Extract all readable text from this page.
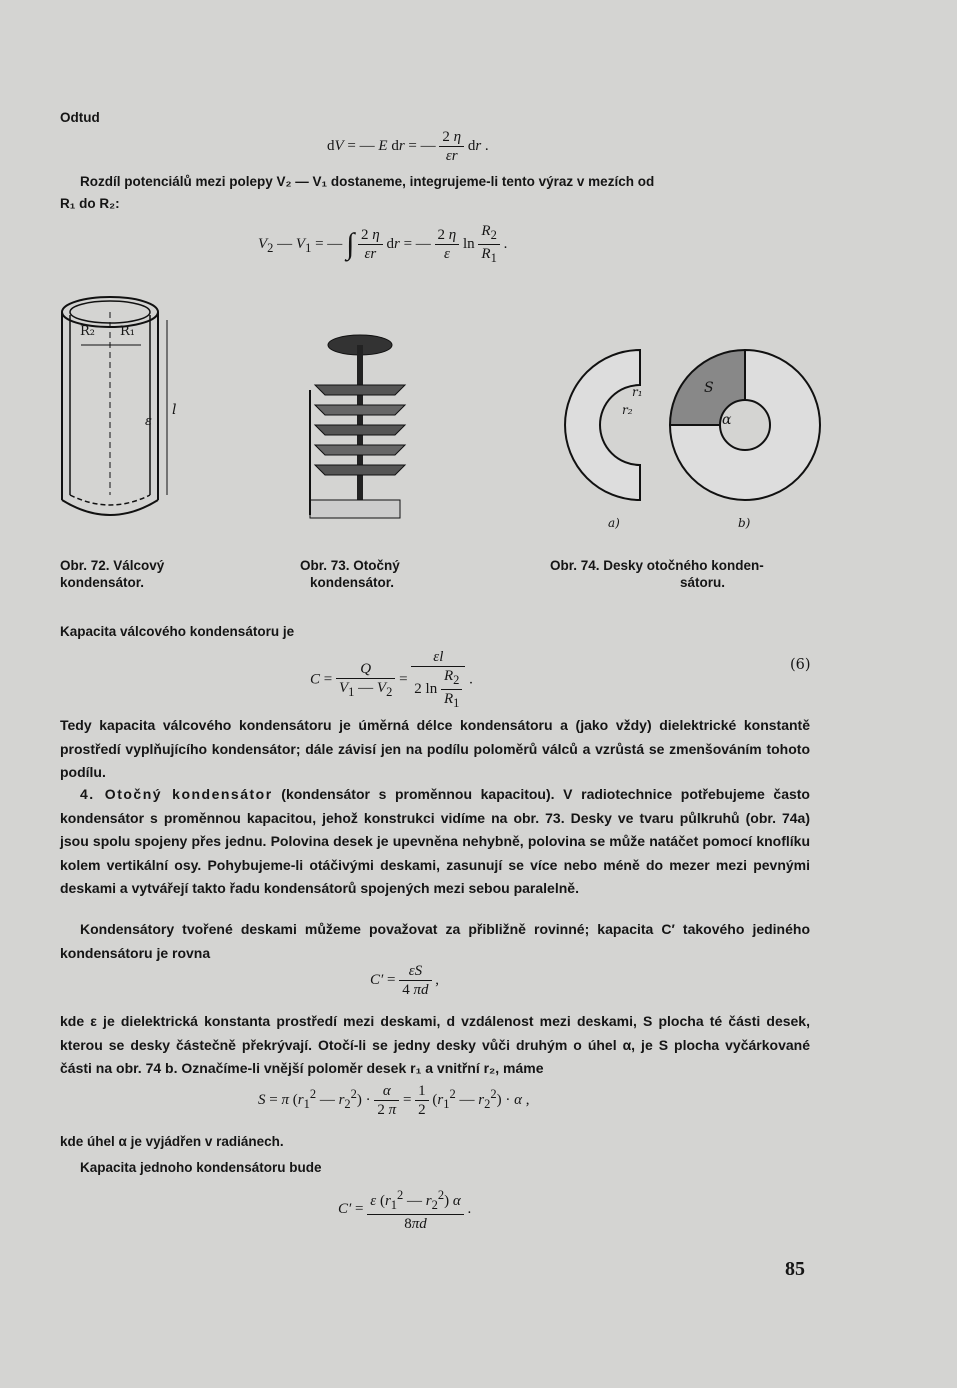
Odtud
dV = — E dr = — $\frac{2 \eta}{\varepsilon r}$ dr .
Rozdíl potenciálů mezi polepy V₂ — V₁ dostaneme, integrujeme-li tento výraz v mezích od
R₁ do R₂:
$V_2$ — $V_1$ = — ∫ $\frac{2 \eta}{\varepsilon r}$ dr = — $\frac{2 \eta}{\varepsilon}$ $\ln \frac{R_2}{R_1}$ .
R₂ R₁
l
ε
S
α
r₁
r₂
a)	b)
Obr. 72. Válcový
kondensátor.
Obr. 73. Otočný
kondensátor.
Obr. 74. Desky otočného konden-
sátoru.
Kapacita válcového kondensátoru je
$C = \frac{Q}{V_1 — V_2} = \frac{\varepsilon l}{2 \ln \frac{R_2}{R_1}}$ .
(6)
Tedy kapacita válcového kondensátoru je úměrná délce kondensátoru a (jako vždy) dielektrické konstantě prostředí vyplňujícího kondensátor; dále závisí jen na podílu poloměrů válců a vzrůstá se zmenšováním tohoto podílu.
4. Otočný kondensátor (kondensátor s proměnnou kapacitou). V radiotechnice potřebujeme často kondensátor s proměnnou kapacitou, jehož konstrukci vidíme na obr. 73. Desky ve tvaru půlkruhů (obr. 74a) jsou spolu spojeny přes jednu. Polovina desek je upevněna nehybně, polovina se může natáčet pomocí knoflíku kolem vertikální osy. Pohybujeme-li otáčivými deskami, zasunují se více nebo méně do mezer mezi pevnými deskami a vytvářejí takto řadu kondensátorů spojených mezi sebou paralelně.
Kondensátory tvořené deskami můžeme považovat za přibližně rovinné; kapacita C′ takového jediného kondensátoru je rovna
$C' = \frac{\varepsilon S}{4 \pi d}$ ,
kde ε je dielektrická konstanta prostředí mezi deskami, d vzdálenost mezi deskami, S plocha té části desek, kterou se desky částečně překrývají. Otočí-li se jedny desky vůči druhým o úhel α, je S plocha vyčárkované části na obr. 74 b. Označíme-li vnější poloměr desek r₁ a vnitřní r₂, máme
S = π ($r_1^2$ — $r_2^2) \cdot \frac{\alpha}{2 \pi} = \frac{1}{2} (r_1^2$ — $r_2^2) \cdot \alpha$ ,
kde úhel α je vyjádřen v radiánech.
Kapacita jednoho kondensátoru bude
$C' = \frac{\varepsilon (r_1^2 — r_2^2) \alpha}{8\pi d}$ .
85
